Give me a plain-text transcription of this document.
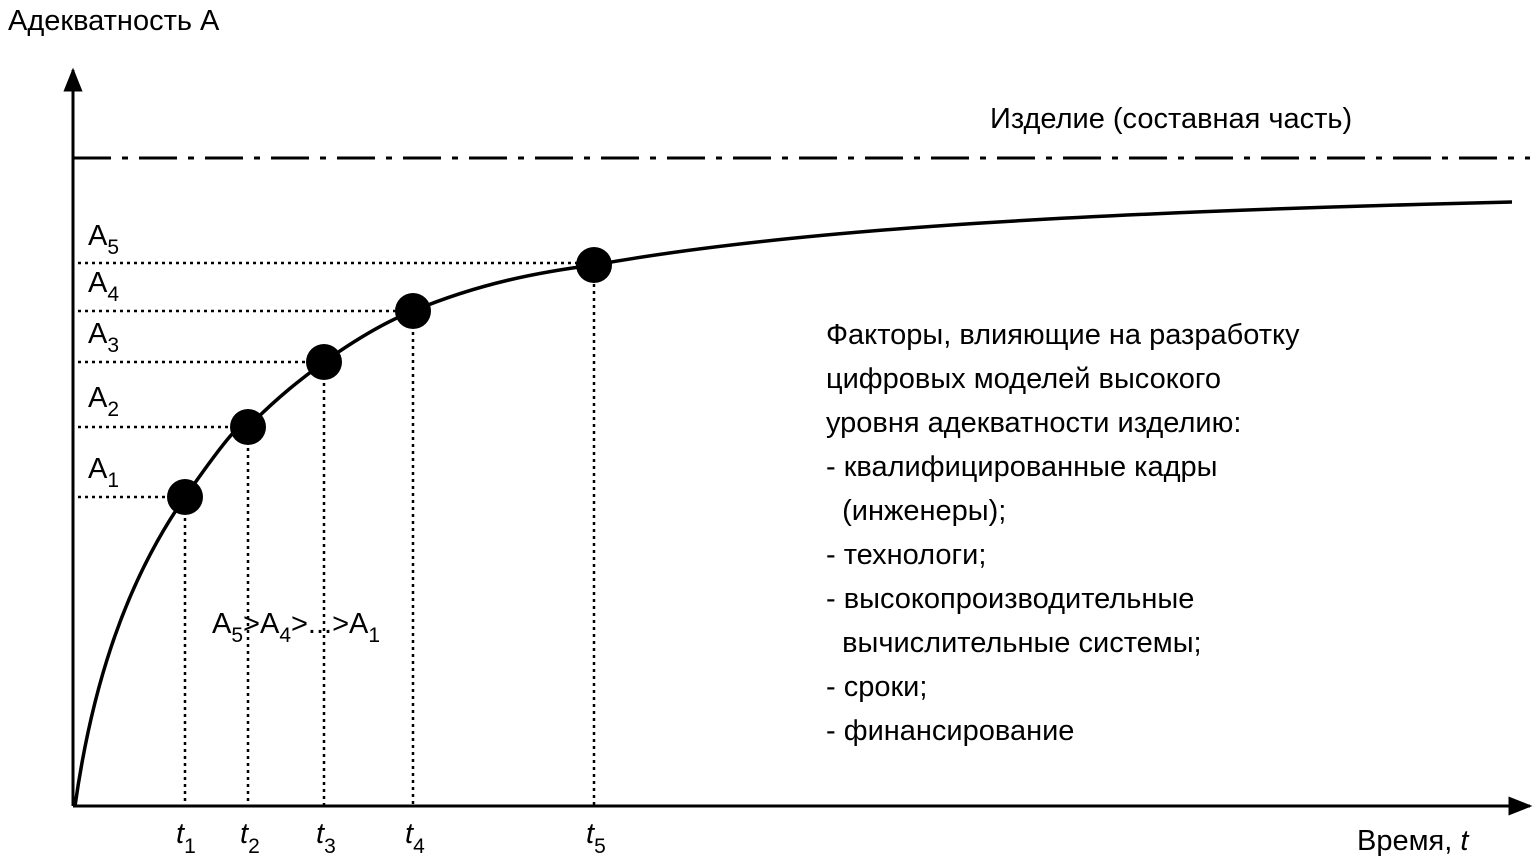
Адекватность А
Время, t
Изделие (составная часть)
$A_1$
$A_2$
$A_3$
$A_4$
$A_5$
$t_1$ $t_2$ $t_3$ $t_4$	$t_5$
$A_5>A_4>...>A_1$
Факторы, влияющие на разработку
цифровых моделей высокого
уровня адекватности изделию:
- квалифицированные кадры
(инженеры);
- технологи;
- высокопроизводительные
вычислительные системы;
- сроки;
- финансирование
